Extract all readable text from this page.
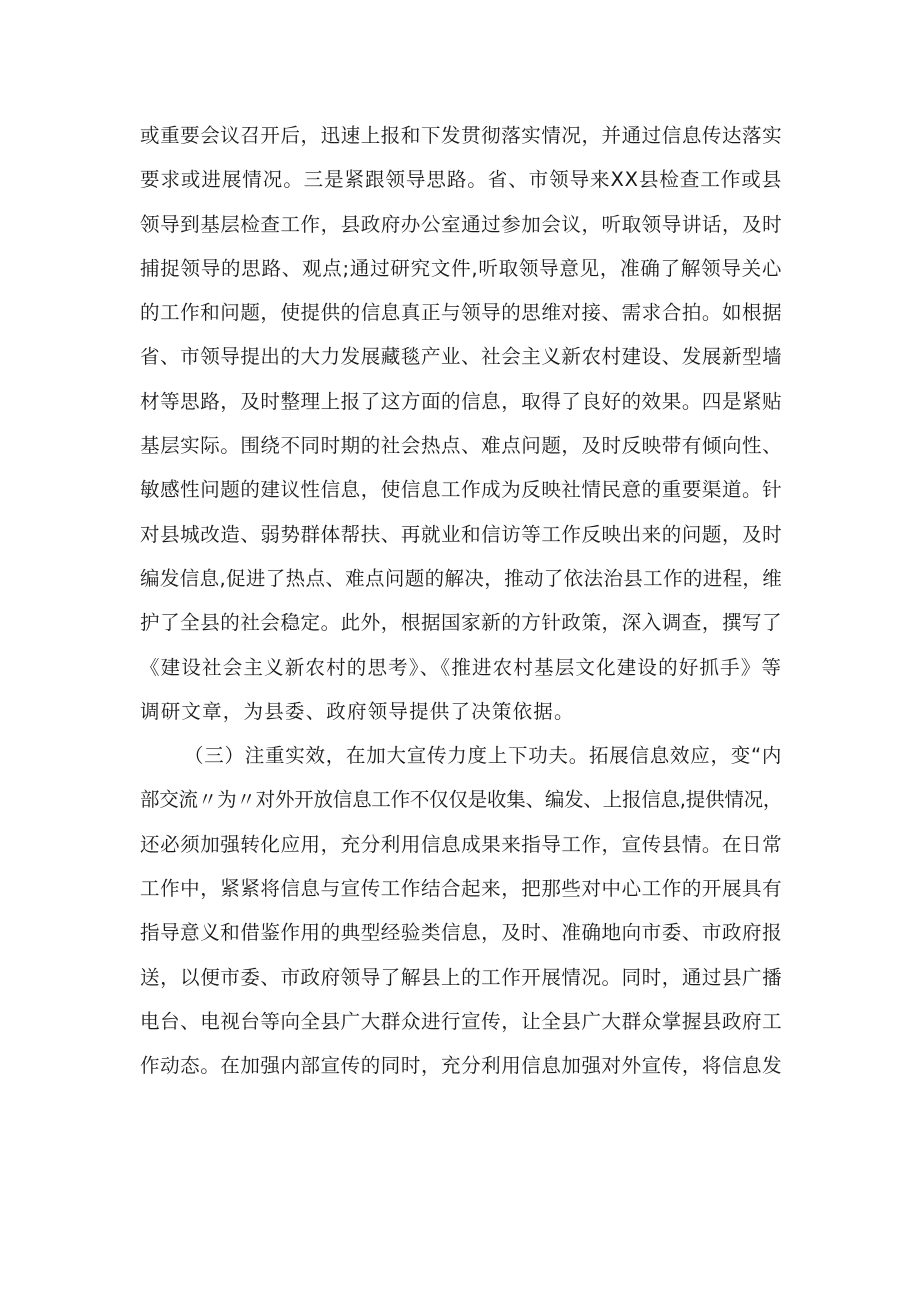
或重要会议召开后，迅速上报和下发贯彻落实情况，并通过信息传达落实
要求或进展情况。三是紧跟领导思路。省、市领导来XX县检查工作或县
领导到基层检查工作，县政府办公室通过参加会议，听取领导讲话，及时
捕捉领导的思路、观点;通过研究文件,听取领导意见，准确了解领导关心
的工作和问题，使提供的信息真正与领导的思维对接、需求合拍。如根据
省、市领导提出的大力发展藏毯产业、社会主义新农村建设、发展新型墙
材等思路，及时整理上报了这方面的信息，取得了良好的效果。四是紧贴
基层实际。围绕不同时期的社会热点、难点问题，及时反映带有倾向性、
敏感性问题的建议性信息，使信息工作成为反映社情民意的重要渠道。针
对县城改造、弱势群体帮扶、再就业和信访等工作反映出来的问题，及时
编发信息,促进了热点、难点问题的解决，推动了依法治县工作的进程，维
护了全县的社会稳定。此外，根据国家新的方针政策，深入调查，撰写了
《建设社会主义新农村的思考》、《推进农村基层文化建设的好抓手》等
调研文章，为县委、政府领导提供了决策依据。
（三）注重实效，在加大宣传力度上下功夫。拓展信息效应，变“内
部交流〃为〃对外开放信息工作不仅仅是收集、编发、上报信息,提供情况，
还必须加强转化应用，充分利用信息成果来指导工作，宣传县情。在日常
工作中，紧紧将信息与宣传工作结合起来，把那些对中心工作的开展具有
指导意义和借鉴作用的典型经验类信息，及时、准确地向市委、市政府报
送，以便市委、市政府领导了解县上的工作开展情况。同时，通过县广播
电台、电视台等向全县广大群众进行宣传，让全县广大群众掌握县政府工
作动态。在加强内部宣传的同时，充分利用信息加强对外宣传，将信息发
